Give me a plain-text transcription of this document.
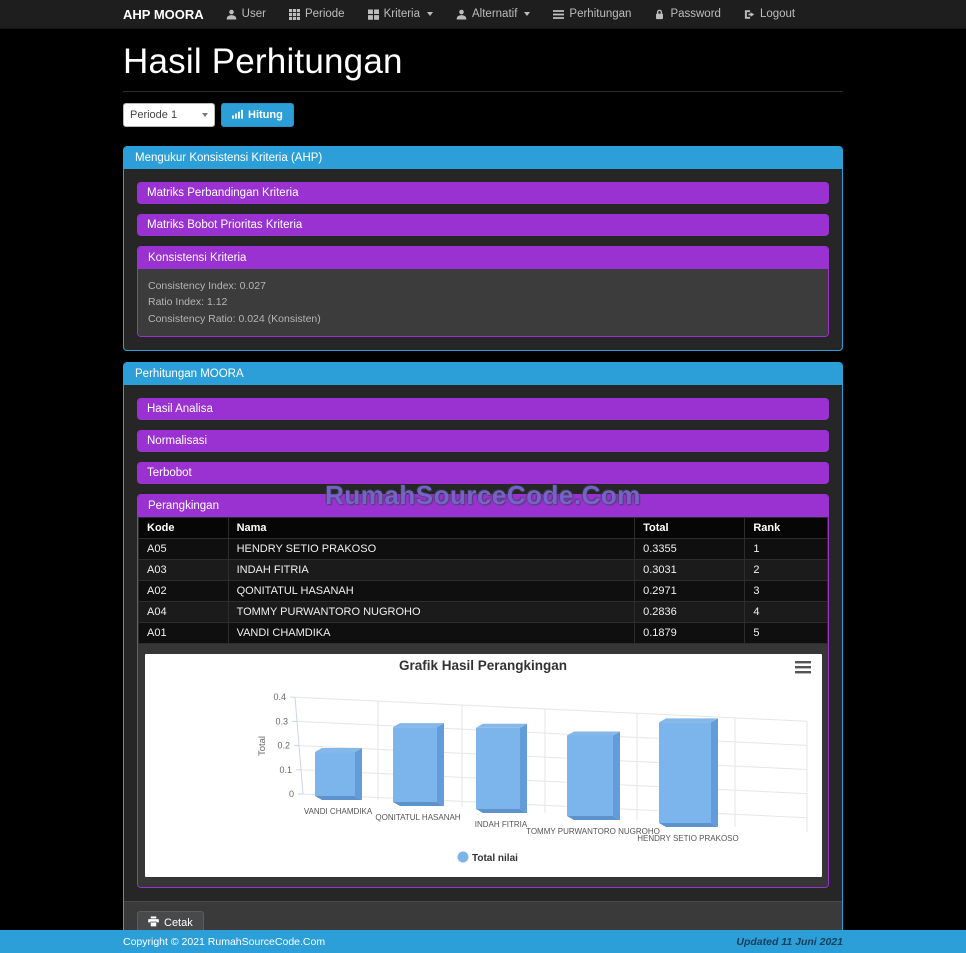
AHP MOORA	User	Periode	Kriteria	Alternatif	Perhitungan	Password	Logout
Hasil Perhitungan
Periode 1
Hitung
Mengukur Konsistensi Kriteria (AHP)
Matriks Perbandingan Kriteria
Matriks Bobot Prioritas Kriteria
Konsistensi Kriteria
Consistency Index: 0.027
Ratio Index: 1.12
Consistency Ratio: 0.024 (Konsisten)
RumahSourceCode.Com
Perhitungan MOORA
Hasil Analisa
Normalisasi
Terbobot
Perangkingan
Kode	Nama	Total	Rank
A05	HENDRY SETIO PRAKOSO	0.3355	1
A03	INDAH FITRIA	0.3031	2
A02	QONITATUL HASANAH	0.2971	3
A04	TOMMY PURWANTORO NUGROHO	0.2836	4
A01	VANDI CHAMDIKA	0.1879	5
0
0.1
0.2
0.3
0.4
Total
VANDI CHAMDIKA
QONITATUL HASANAH
INDAH FITRIA
TOMMY PURWANTORO NUGROHO
HENDRY SETIO PRAKOSO
Grafik Hasil Perangkingan
Total nilai
Cetak
Copyright © 2021 RumahSourceCode.Com	Updated 11 Juni 2021
